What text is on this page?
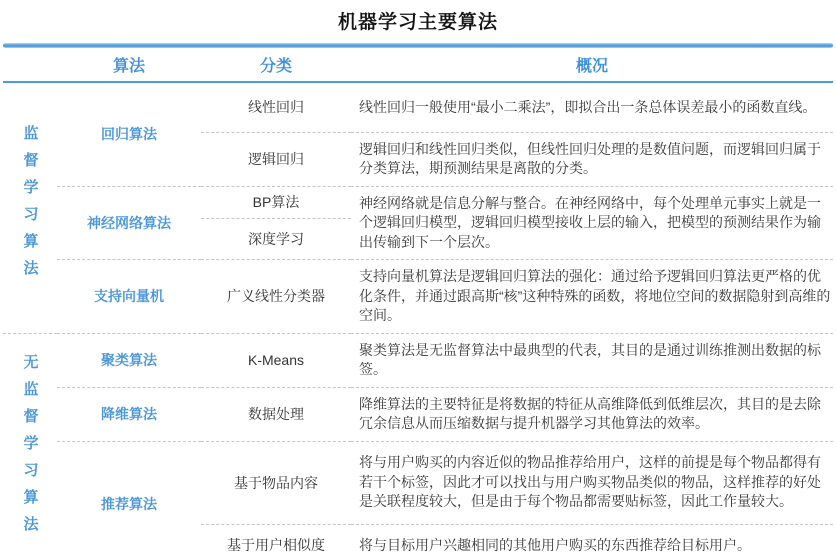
机器学习主要算法
	算法	分类	概况
监督学习算法	回归算法	线性回归	线性回归一般使用“最小二乘法”，即拟合出一条总体误差最小的函数直线。
		逻辑回归	逻辑回归和线性回归类似，但线性回归处理的是数值问题，而逻辑回归属于分类算法，期预测结果是离散的分类。
	神经网络算法	BP算法	神经网络就是信息分解与整合。在神经网络中，每个处理单元事实上就是一个逻辑回归模型，逻辑回归模型接收上层的输入，把模型的预测结果作为输出传输到下一个层次。
		深度学习	
	支持向量机	广义线性分类器	支持向量机算法是逻辑回归算法的强化：通过给予逻辑回归算法更严格的优化条件，并通过跟高斯“核”这种特殊的函数，将地位空间的数据隐射到高维的空间。
无监督学习算法	聚类算法	K-Means	聚类算法是无监督算法中最典型的代表，其目的是通过训练推测出数据的标签。
	降维算法	数据处理	降维算法的主要特征是将数据的特征从高维降低到低维层次，其目的是去除冗余信息从而压缩数据与提升机器学习其他算法的效率。
	推荐算法	基于物品内容	将与用户购买的内容近似的物品推荐给用户，这样的前提是每个物品都得有若干个标签，因此才可以找出与用户购买物品类似的物品，这样推荐的好处是关联程度较大，但是由于每个物品都需要贴标签，因此工作量较大。
		基于用户相似度	将与目标用户兴趣相同的其他用户购买的东西推荐给目标用户。
